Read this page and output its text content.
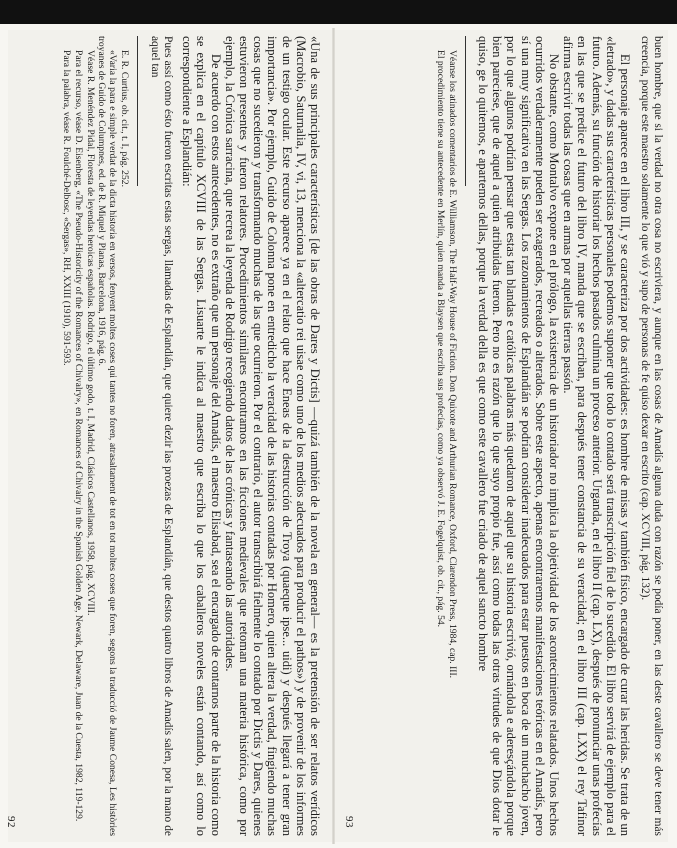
«Una de sus principales características [de las obras de Dares y Dictis] —quizá también de la novela en general— es la pretensión de ser relatos verídicos (Macrobio, Saturnalia, IV, vi, 13, menciona la «altercatio rei uisae como uno de los medios adecuados para producir el pathos») y de provenir de los informes de un testigo ocular. Este recurso aparece ya en el relato que hace Eneas de la destrucción de Troya (quaeque ipse... uidi) y después llegará a tener gran importancia». Por ejemplo, Guido de Colonna pone en entredicho la veracidad de las historias contadas por Homero, quien altera la verdad, fingiendo muchas cosas que no sucedieron y transformando muchas de las que ocurrieron. Por el contrario, el autor transcribirá fielmente lo contado por Dictis y Dares, quienes estuvieron presentes y fueron relatores. Procedimientos similares encontramos en las ficciones medievales que retoman una materia histórica, como por ejemplo, la Crónica sarracina, que recrea la leyenda de Rodrigo recogiendo datos de las crónicas y fantaseando las autoridades.

De acuerdo con estos antecedentes, no es extraño que un personaje del Amadís, el maestro Elisabad, sea el encargado de contarnos parte de la historia como se explica en el capítulo XCVIII de las Sergas. Lisuarte le indica al maestro que escriba lo que los caballeros noveles están contando, así como lo correspondiente a Esplandián:

Pues assí como ésto fueron escritas estas sergas, llamadas de Esplandián, que quiere dezir las proezas de Esplandián, que destos quatro libros de Amadís salen, por la mano de aquel tan

E. R. Curtius, ob. cit., t. I, pág. 252.

«Varia la para e simple verdat de la dicta historia en versos, fenyent moltes coses qui tantes no foren, atrasaltament de tot en tot moltes coses que foren, segons la traducció de Jaume Conesa, Les històries troyanes de Guido de Columpnes, ed. de R. Miquel y Planas, Barcelona, 1916, pág. 6.

Véase R. Menéndez Pidal, Floresta de leyendas heroicas españolas. Rodrigo, el último godo, t. I, Madrid, Clásicos Castellanos, 1958, pág. XCVIII.

Para el recurso, véase D. Eisenberg, «The Pseudo-Historicity of the Romances of Chivalry», en Romances of Chivalry in the Spanish Golden Age, Newark, Delaware, Juan de la Cuesta, 1982, 119-129.

Para la palabra, véase R. Foulché-Delbosc, «Sergas», RH, XXIII (1910), 591-593.

92	buen hombre, que si la verdad no otra cosa no escriviera, y aunque en las cosas de Amadís alguna duda con razón se podía poner, en las deste cavallero se deve tener más creencia, porque este maestro solamente lo que vió y supo de personas de fe quiso dexar en escrito (cap. XCVIII, pág. 132).

El personaje aparece en el libro III, y se caracteriza por dos actividades: es hombre de misas y también físico, encargado de curar las heridas. Se trata de un «letrado», y dadas sus características personales podemos suponer que todo lo contado será transcripción fiel de lo sucedido. El libro servirá de ejemplo para el futuro. Además, su función de historiar los hechos pasados culmina un proceso anterior. Urganda, en el libro II (cap. LX), después de pronunciar unas profecías en las que se predice el futuro del libro IV, manda que se escriban, para después tener constancia de su veracidad; en el libro III (cap. LXX) el rey Tafinor afirma escrivir todas las cosas que en armas por aquellas tierras passón.

No obstante, como Montalvo expone en el prólogo, la existencia de un historiador no implica la objetividad de los acontecimientos relatados. Unos hechos ocurridos verdaderamente pueden ser exagerados, recreados o alterados. Sobre este aspecto, apenas encontraremos manifestaciones teóricas en el Amadís, pero sí una muy significativa en las Sergas. Los razonamientos de Esplandián se podrían considerar inadecuados para estar puestos en boca de un muchacho joven, por lo que algunos podrían pensar que estas tan blandas e católicas palabras más quedaron de aquel que su historia escrivió, ornándola e aderesçándola porque bien pareciese, que de aquel a quien atribuidas fueron. Pero no es razón que lo que suyo propio fue, assí como todas las otras virtudes de que Dios dotar le quiso, ge lo quitemos, e apartemos dellas, porque la verdad della es que como este cavallero fue criado de aquel sancto hombre

Véanse los atinados comentarios de E. Williamson, The Half-Way House of Fiction. Don Quixote and Arthurian Romance, Oxford, Clarendon Press, 1984, cap. III.

El procedimiento tiene su antecedente en Merlín, quien manda a Blaysen que escriba sus profecías, como ya observó J. E. Fogelquist, ob. cit., pág. 54.

93
